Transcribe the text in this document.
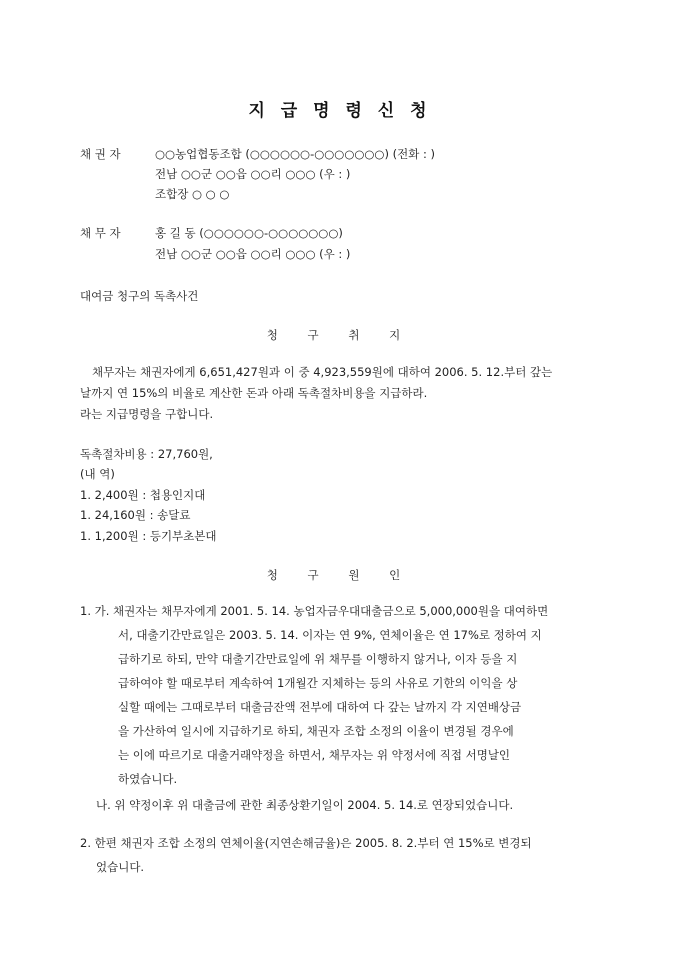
지 급 명 령 신 청
채 권 자	○○농업협동조합 (○○○○○○-○○○○○○○) (전화 : )
전남 ○○군 ○○읍 ○○리 ○○○ (우 : )
조합장 ○ ○ ○
채 무 자	홍 길 동 (○○○○○○-○○○○○○○)
전남 ○○군 ○○읍 ○○리 ○○○ (우 : )
대여금 청구의 독촉사건
청 구 취 지
채무자는 채권자에게 6,651,427원과 이 중 4,923,559원에 대하여 2006. 5. 12.부터 갚는
날까지 연 15%의 비율로 계산한 돈과 아래 독촉절차비용을 지급하라.
라는 지급명령을 구합니다.
독촉절차비용 : 27,760원,
(내 역)
1. 2,400원 : 첩용인지대
1. 24,160원 : 송달료
1. 1,200원 : 등기부초본대
청 구 원 인
1. 가. 채권자는 채무자에게 2001. 5. 14. 농업자금우대대출금으로 5,000,000원을 대여하면
서, 대출기간만료일은 2003. 5. 14. 이자는 연 9%, 연체이율은 연 17%로 정하여 지
급하기로 하되, 만약 대출기간만료일에 위 채무를 이행하지 않거나, 이자 등을 지
급하여야 할 때로부터 계속하여 1개월간 지체하는 등의 사유로 기한의 이익을 상
실할 때에는 그때로부터 대출금잔액 전부에 대하여 다 갚는 날까지 각 지연배상금
을 가산하여 일시에 지급하기로 하되, 채권자 조합 소정의 이율이 변경될 경우에
는 이에 따르기로 대출거래약정을 하면서, 채무자는 위 약정서에 직접 서명날인
하였습니다.
나. 위 약정이후 위 대출금에 관한 최종상환기일이 2004. 5. 14.로 연장되었습니다.
2. 한편 채권자 조합 소정의 연체이율(지연손해금율)은 2005. 8. 2.부터 연 15%로 변경되
었습니다.
